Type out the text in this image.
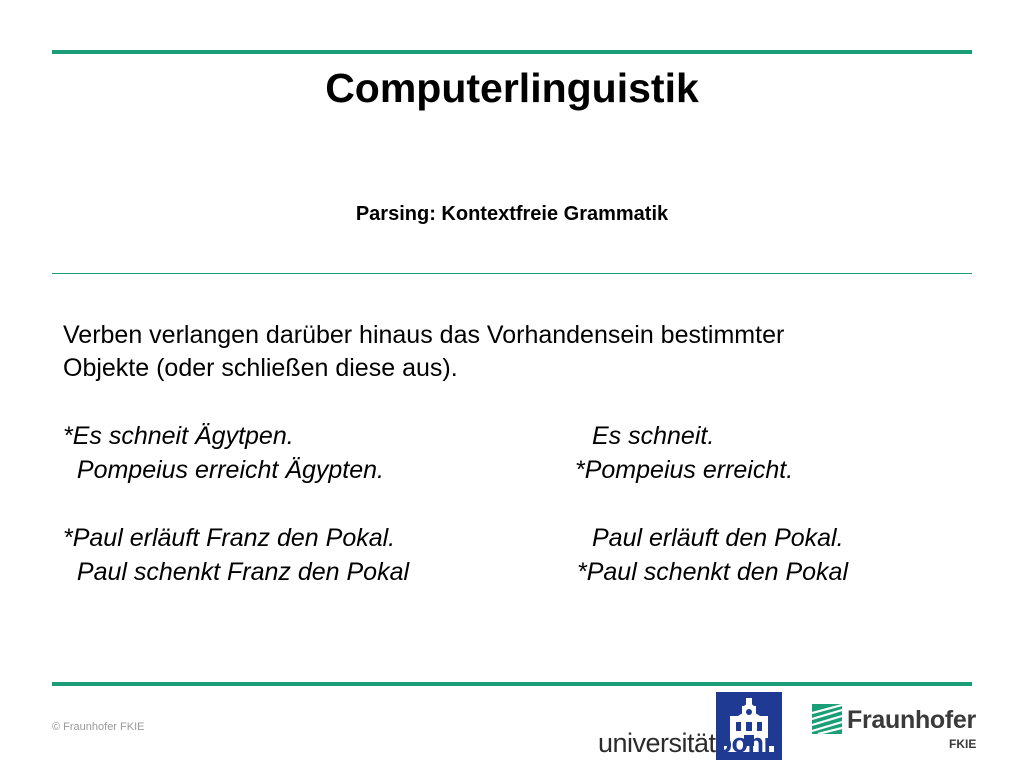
Computerlinguistik
Parsing: Kontextfreie Grammatik
Verben verlangen darüber hinaus das Vorhandensein bestimmter
Objekte (oder schließen diese aus).
*Es schneit Ägytpen.
Pompeius erreicht Ägypten.
*Paul erläuft Franz den Pokal.
Paul schenkt Franz den Pokal
Es schneit.
*Pompeius erreicht.
Paul erläuft den Pokal.
*Paul schenkt den Pokal
© Fraunhofer FKIE
universitätbonn
Fraunhofer
FKIE
